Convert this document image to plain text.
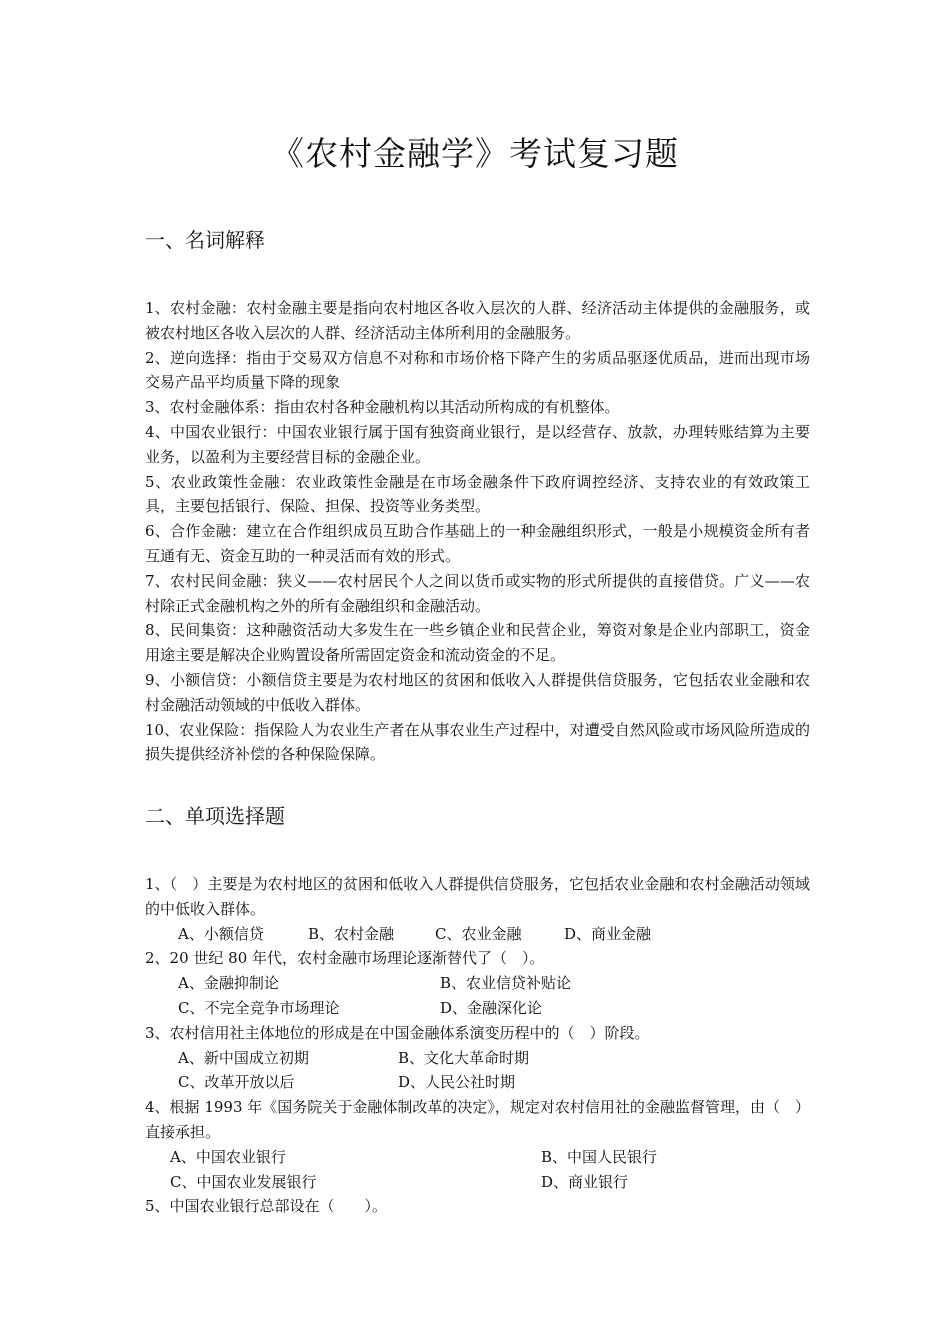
《农村金融学》考试复习题
一、名词解释

1、农村金融：农村金融主要是指向农村地区各收入层次的人群、经济活动主体提供的金融服务，或被农村地区各收入层次的人群、经济活动主体所利用的金融服务。

2、逆向选择：指由于交易双方信息不对称和市场价格下降产生的劣质品驱逐优质品，进而出现市场交易产品平均质量下降的现象

3、农村金融体系：指由农村各种金融机构以其活动所构成的有机整体。

4、中国农业银行：中国农业银行属于国有独资商业银行，是以经营存、放款，办理转账结算为主要业务，以盈利为主要经营目标的金融企业。

5、农业政策性金融：农业政策性金融是在市场金融条件下政府调控经济、支持农业的有效政策工具，主要包括银行、保险、担保、投资等业务类型。

6、合作金融：建立在合作组织成员互助合作基础上的一种金融组织形式，一般是小规模资金所有者互通有无、资金互助的一种灵活而有效的形式。

7、农村民间金融：狭义——农村居民个人之间以货币或实物的形式所提供的直接借贷。广义——农村除正式金融机构之外的所有金融组织和金融活动。

8、民间集资：这种融资活动大多发生在一些乡镇企业和民营企业，筹资对象是企业内部职工，资金用途主要是解决企业购置设备所需固定资金和流动资金的不足。

9、小额信贷：小额信贷主要是为农村地区的贫困和低收入人群提供信贷服务，它包括农业金融和农村金融活动领域的中低收入群体。

10、农业保险：指保险人为农业生产者在从事农业生产过程中，对遭受自然风险或市场风险所造成的损失提供经济补偿的各种保险保障。

二、单项选择题

1、（　）主要是为农村地区的贫困和低收入人群提供信贷服务，它包括农业金融和农村金融活动领域的中低收入群体。

A、小额信贷	B、农村金融	C、农业金融	D、商业金融

2、20 世纪 80 年代，农村金融市场理论逐渐替代了（　）。

A、金融抑制论	B、农业信贷补贴论
C、不完全竞争市场理论	D、金融深化论

3、农村信用社主体地位的形成是在中国金融体系演变历程中的（　）阶段。

A、新中国成立初期	B、文化大革命时期
C、改革开放以后	D、人民公社时期

4、根据 1993 年《国务院关于金融体制改革的决定》，规定对农村信用社的金融监督管理，由（　）直接承担。

A、中国农业银行	B、中国人民银行
C、中国农业发展银行	D、商业银行

5、中国农业银行总部设在（　　）。
